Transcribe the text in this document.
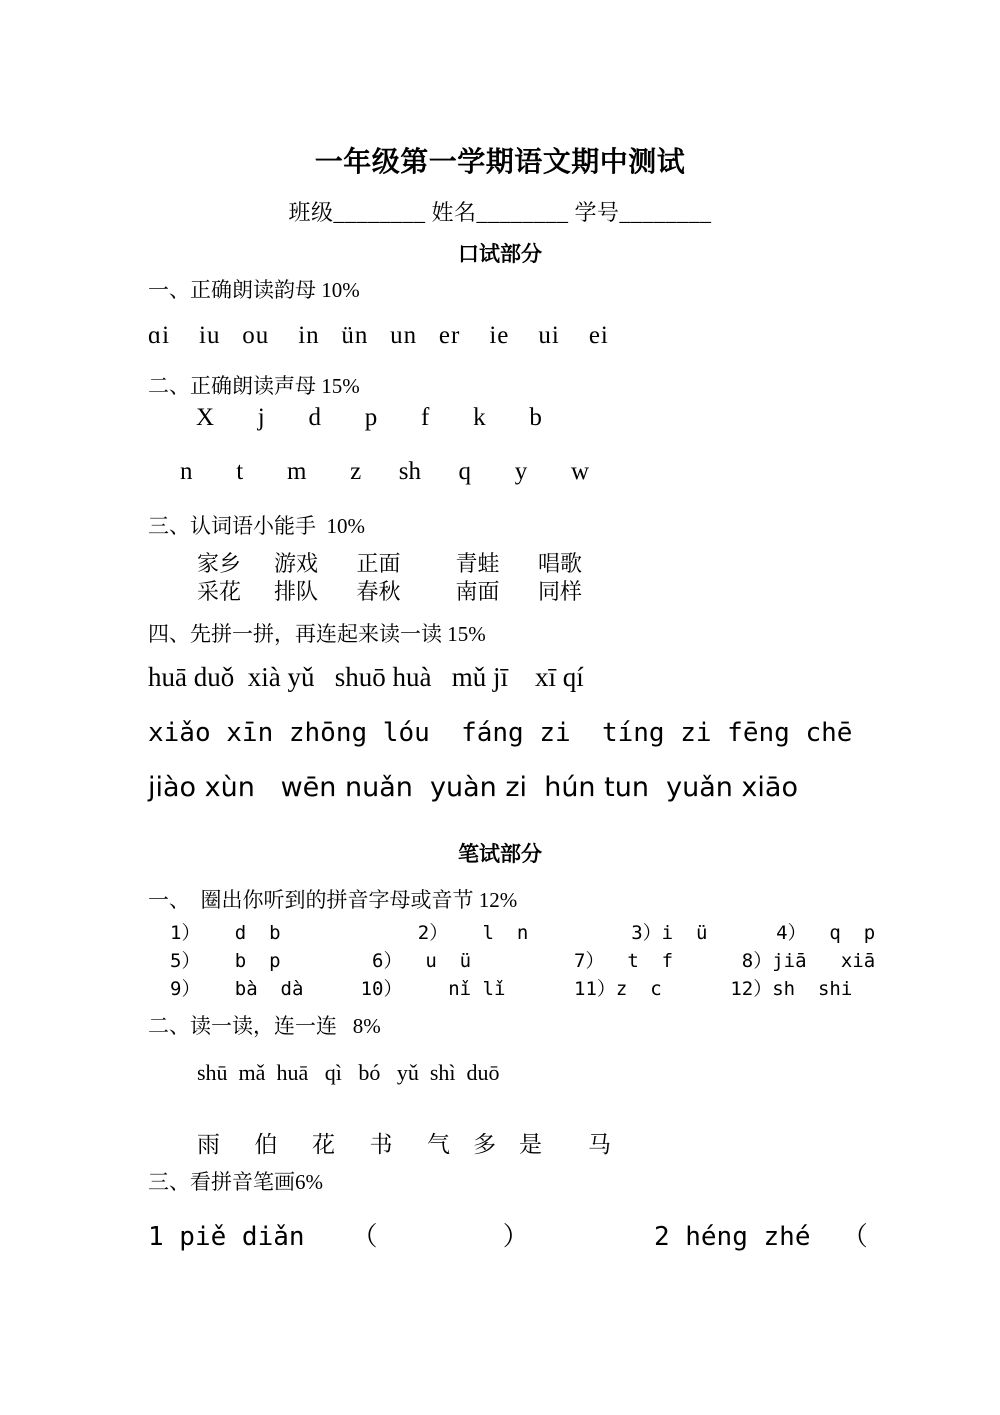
一年级第一学期语文期中测试
班级________ 姓名________ 学号________
口试部分
一、正确朗读韵母 10%
ɑi    iu   ou    in   ün   un   er    ie    ui    ei
二、正确朗读声母 15%
X       j       d       p       f       k       b
n       t       m       z      sh      q       y       w
三、认词语小能手  10%
家乡      游戏       正面          青蛙       唱歌
采花      排队       春秋          南面       同样
四、先拼一拼，再连起来读一读 15%
huā duǒ  xià yǔ   shuō huà   mǔ jī    xī qí
xiǎo xīn zhōng lóu  fáng zi  tíng zi fēng chē
jiào xùn   wēn nuǎn  yuàn zi  hún tun  yuǎn xiāo
笔试部分
一、  圈出你听到的拼音字母或音节 12%
1）   d  b            2）   l  n         3）i  ü      4）  q  p
5）   b  p        6）  u  ü         7）  t  f      8）jiā   xiā
9）   bà  dà     10）    nǐ lǐ      11）z  c      12）sh  shi
二、读一读，连一连   8%
shū  mǎ  huā   qì   bó   yǔ  shì  duō
雨      伯      花      书      气    多    是        马
三、看拼音笔画6%
1 piě diǎn   （        ）        2 héng zhé  （
